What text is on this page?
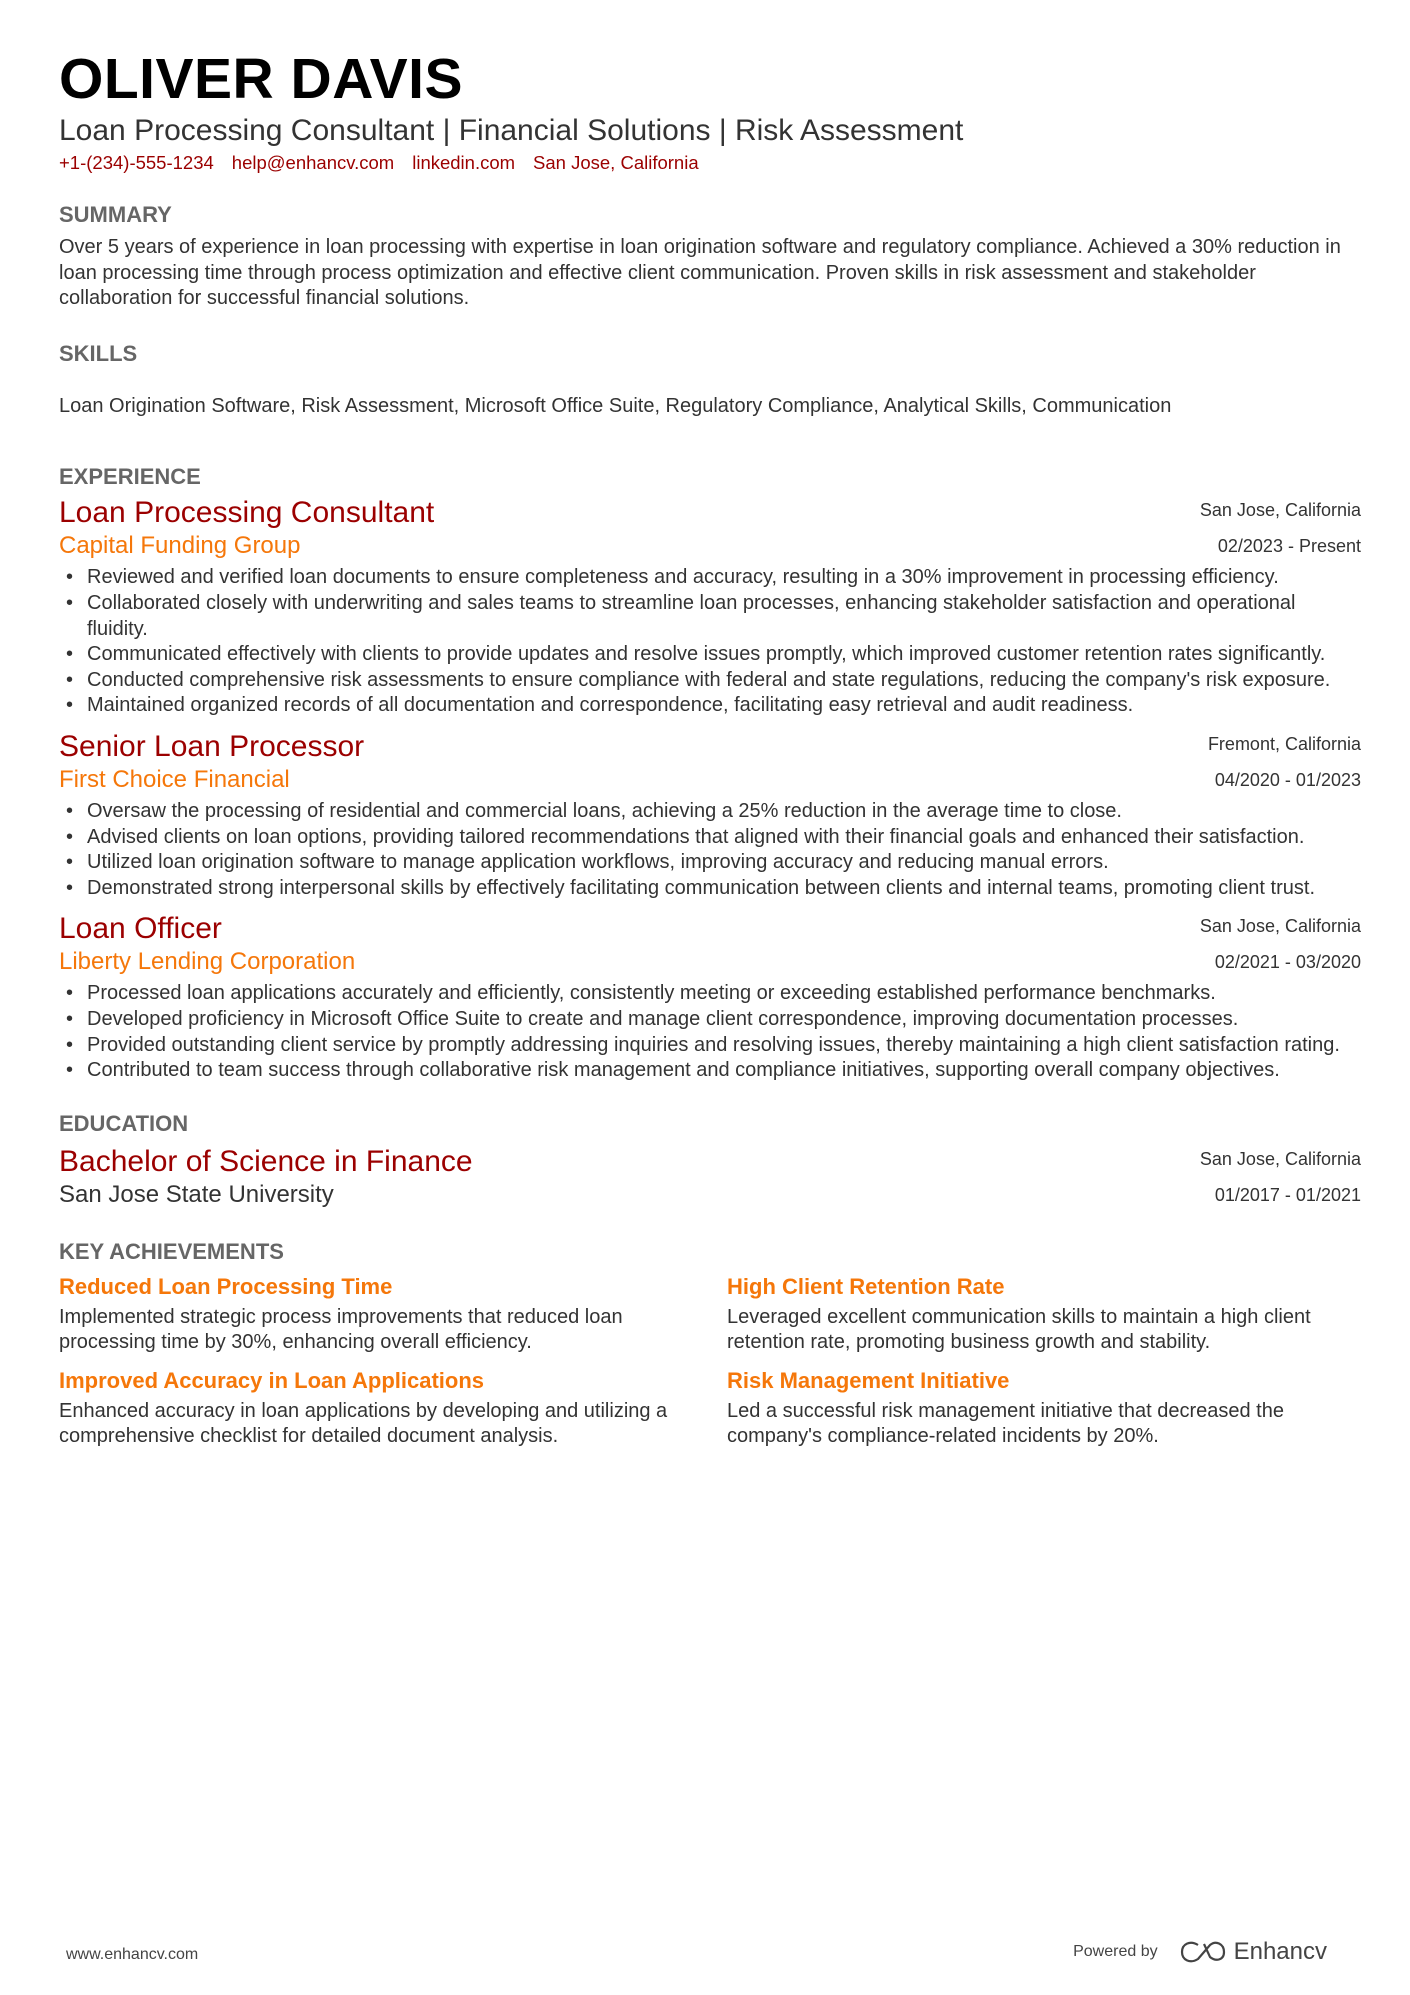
OLIVER DAVIS
Loan Processing Consultant | Financial Solutions | Risk Assessment
+1-(234)-555-1234 help@enhancv.com linkedin.com San Jose, California
SUMMARY
Over 5 years of experience in loan processing with expertise in loan origination software and regulatory compliance. Achieved a 30% reduction in loan processing time through process optimization and effective client communication. Proven skills in risk assessment and stakeholder collaboration for successful financial solutions.
SKILLS
Loan Origination Software, Risk Assessment, Microsoft Office Suite, Regulatory Compliance, Analytical Skills, Communication
EXPERIENCE
San Jose, California
02/2023 - Present
Loan Processing Consultant
Capital Funding Group
• Reviewed and verified loan documents to ensure completeness and accuracy, resulting in a 30% improvement in processing efficiency.
• Collaborated closely with underwriting and sales teams to streamline loan processes, enhancing stakeholder satisfaction and operational fluidity.
• Communicated effectively with clients to provide updates and resolve issues promptly, which improved customer retention rates significantly.
• Conducted comprehensive risk assessments to ensure compliance with federal and state regulations, reducing the company's risk exposure.
• Maintained organized records of all documentation and correspondence, facilitating easy retrieval and audit readiness.
Fremont, California
04/2020 - 01/2023
Senior Loan Processor
First Choice Financial
• Oversaw the processing of residential and commercial loans, achieving a 25% reduction in the average time to close.
• Advised clients on loan options, providing tailored recommendations that aligned with their financial goals and enhanced their satisfaction.
• Utilized loan origination software to manage application workflows, improving accuracy and reducing manual errors.
• Demonstrated strong interpersonal skills by effectively facilitating communication between clients and internal teams, promoting client trust.
San Jose, California
02/2021 - 03/2020
Loan Officer
Liberty Lending Corporation
• Processed loan applications accurately and efficiently, consistently meeting or exceeding established performance benchmarks.
• Developed proficiency in Microsoft Office Suite to create and manage client correspondence, improving documentation processes.
• Provided outstanding client service by promptly addressing inquiries and resolving issues, thereby maintaining a high client satisfaction rating.
• Contributed to team success through collaborative risk management and compliance initiatives, supporting overall company objectives.
EDUCATION
San Jose, California
01/2017 - 01/2021
Bachelor of Science in Finance
San Jose State University
KEY ACHIEVEMENTS
Reduced Loan Processing Time
Implemented strategic process improvements that reduced loan processing time by 30%, enhancing overall efficiency.
High Client Retention Rate
Leveraged excellent communication skills to maintain a high client retention rate, promoting business growth and stability.
Improved Accuracy in Loan Applications
Enhanced accuracy in loan applications by developing and utilizing a comprehensive checklist for detailed document analysis.
Risk Management Initiative
Led a successful risk management initiative that decreased the company's compliance-related incidents by 20%.
www.enhancv.com	Powered by	Enhancv
